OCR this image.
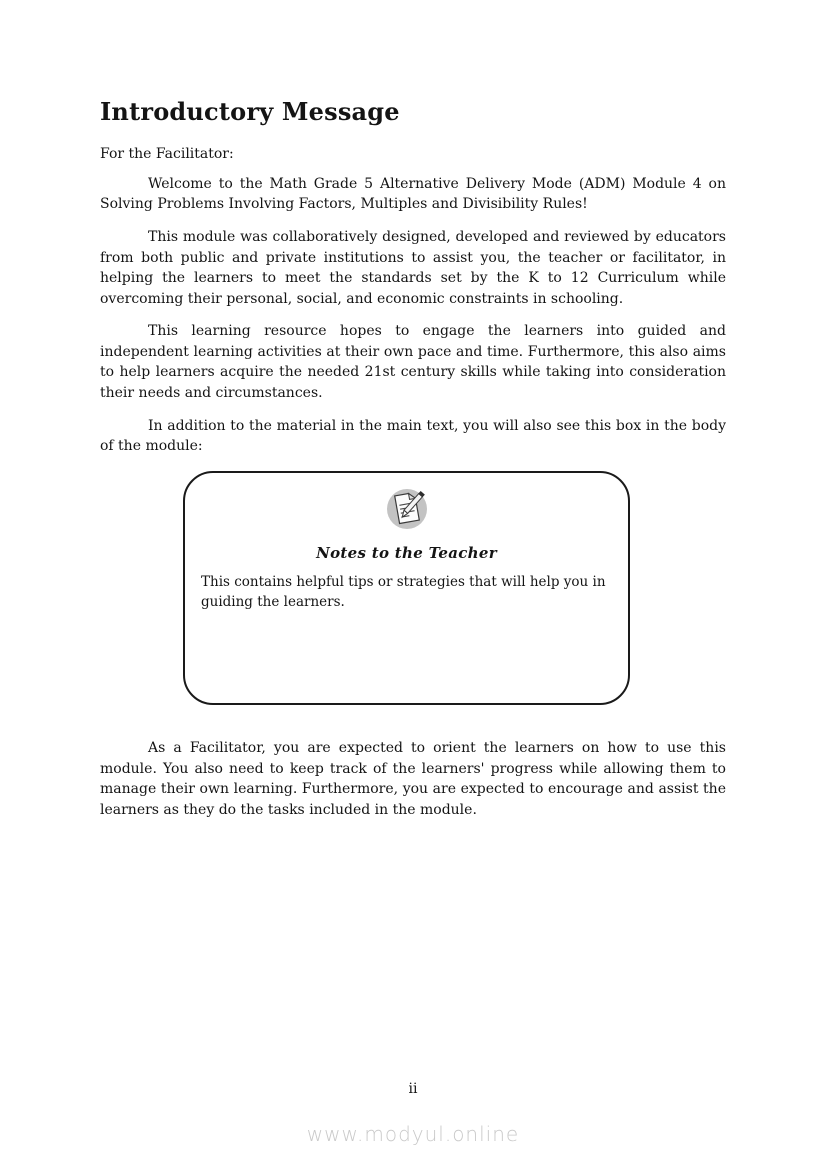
Introductory Message
For the Facilitator:

Welcome to the Math Grade 5 Alternative Delivery Mode (ADM) Module 4 on Solving Problems Involving Factors, Multiples and Divisibility Rules!

This module was collaboratively designed, developed and reviewed by educators from both public and private institutions to assist you, the teacher or facilitator, in helping the learners to meet the standards set by the K to 12 Curriculum while overcoming their personal, social, and economic constraints in schooling.

This learning resource hopes to engage the learners into guided and independent learning activities at their own pace and time. Furthermore, this also aims to help learners acquire the needed 21st century skills while taking into consideration their needs and circumstances.

In addition to the material in the main text, you will also see this box in the body of the module:

Notes to the Teacher
This contains helpful tips or strategies that will help you in guiding the learners.

As a Facilitator, you are expected to orient the learners on how to use this module. You also need to keep track of the learners' progress while allowing them to manage their own learning. Furthermore, you are expected to encourage and assist the learners as they do the tasks included in the module.

ii
www.modyul.online
